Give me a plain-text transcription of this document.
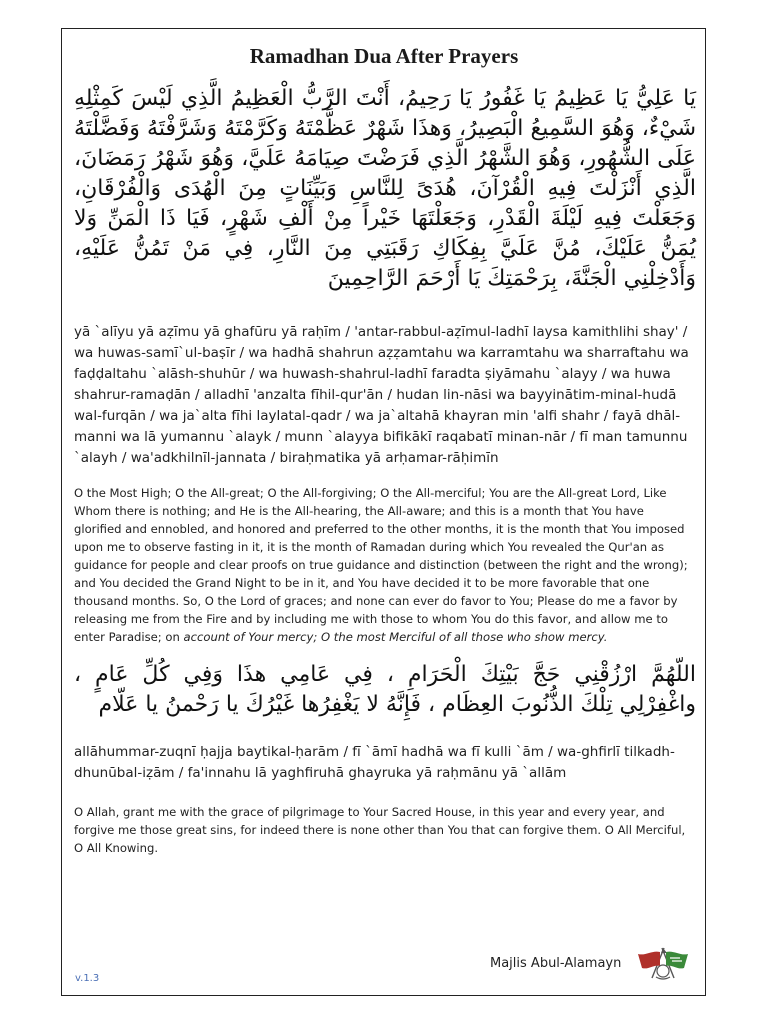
Ramadhan Dua After Prayers
يَا عَلِيُّ يَا عَظِيمُ يَا غَفُورُ يَا رَحِيمُ، أَنْتَ الرَّبُّ الْعَظِيمُ الَّذِي لَيْسَ كَمِثْلِهِ شَيْءٌ، وَهُوَ السَّمِيعُ الْبَصِيرُ، وَهذَا شَهْرٌ عَظَّمْتَهُ وَكَرَّمْتَهُ وَشَرَّفْتَهُ وَفَضَّلْتَهُ عَلَى الشُّهُورِ، وَهُوَ الشَّهْرُ الَّذِي فَرَضْتَ صِيَامَهُ عَلَيَّ، وَهُوَ شَهْرُ رَمَضَانَ، الَّذِي أَنْزَلْتَ فِيهِ الْقُرْآنَ، هُدَىً لِلنَّاسِ وَبَيِّنَاتٍ مِنَ الْهُدَى وَالْفُرْقَانِ، وَجَعَلْتَ فِيهِ لَيْلَةَ الْقَدْرِ، وَجَعَلْتَهَا خَيْراً مِنْ أَلْفِ شَهْرٍ، فَيَا ذَا الْمَنِّ وَلا يُمَنُّ عَلَيْكَ، مُنَّ عَلَيَّ بِفِكَاكِ رَقَبَتِي مِنَ النَّارِ، فِي مَنْ تَمُنُّ عَلَيْهِ، وَأَدْخِلْنِي الْجَنَّةَ، بِرَحْمَتِكَ يَا أَرْحَمَ الرَّاحِمِينَ
yā `alīyu yā aẓīmu yā ghafūru yā raḥīm / 'antar-rabbul-aẓīmul-ladhī laysa kamithlihi shay' / wa huwas-samī`ul-baṣīr / wa hadhā shahrun aẓẓamtahu wa karramtahu wa sharraftahu wa faḍḍaltahu `alāsh-shuhūr / wa huwash-shahrul-ladhī faradta ṣiyāmahu `alayy / wa huwa shahrur-ramaḍān / alladhī 'anzalta fīhil-qur'ān / hudan lin-nāsi wa bayyinātim-minal-hudā wal-furqān / wa ja`alta fīhi laylatal-qadr / wa ja`altahā khayran min 'alfi shahr / fayā dhāl-manni wa lā yumannu `alayk / munn `alayya bifikākī raqabatī minan-nār / fī man tamunnu `alayh / wa'adkhilnīl-jannata / biraḥmatika yā arḥamar-rāḥimīn
O the Most High; O the All-great; O the All-forgiving; O the All-merciful; You are the All-great Lord, Like Whom there is nothing; and He is the All-hearing, the All-aware; and this is a month that You have glorified and ennobled, and honored and preferred to the other months, it is the month that You imposed upon me to observe fasting in it, it is the month of Ramadan during which You revealed the Qur'an as guidance for people and clear proofs on true guidance and distinction (between the right and the wrong); and You decided the Grand Night to be in it, and You have decided it to be more favorable that one thousand months. So, O the Lord of graces; and none can ever do favor to You; Please do me a favor by releasing me from the Fire and by including me with those to whom You do this favor, and allow me to enter Paradise; on account of Your mercy; O the most Merciful of all those who show mercy.
اللّهُمَّ ارْزُقْنِي حَجَّ بَيْتِكَ الْحَرَامِ ، فِي عَامِي هذَا وَفِي كُلِّ عَامٍ ، واغْفِرْلِي تِلْكَ الذُّنُوبَ العِظَام ، فَإِنَّهُ لا يَغْفِرُها غَيْرُكَ يا رَحْمنُ يا عَلّام
allāhummar-zuqnī ḥajja baytikal-ḥarām / fī `āmī hadhā wa fī kulli `ām / wa-ghfirlī tilkadh-dhunūbal-iẓām / fa'innahu lā yaghfiruhā ghayruka yā raḥmānu yā `allām
O Allah, grant me with the grace of pilgrimage to Your Sacred House, in this year and every year, and forgive me those great sins, for indeed there is none other than You that can forgive them. O All Merciful, O All Knowing.
Majlis Abul-Alamayn
v.1.3
